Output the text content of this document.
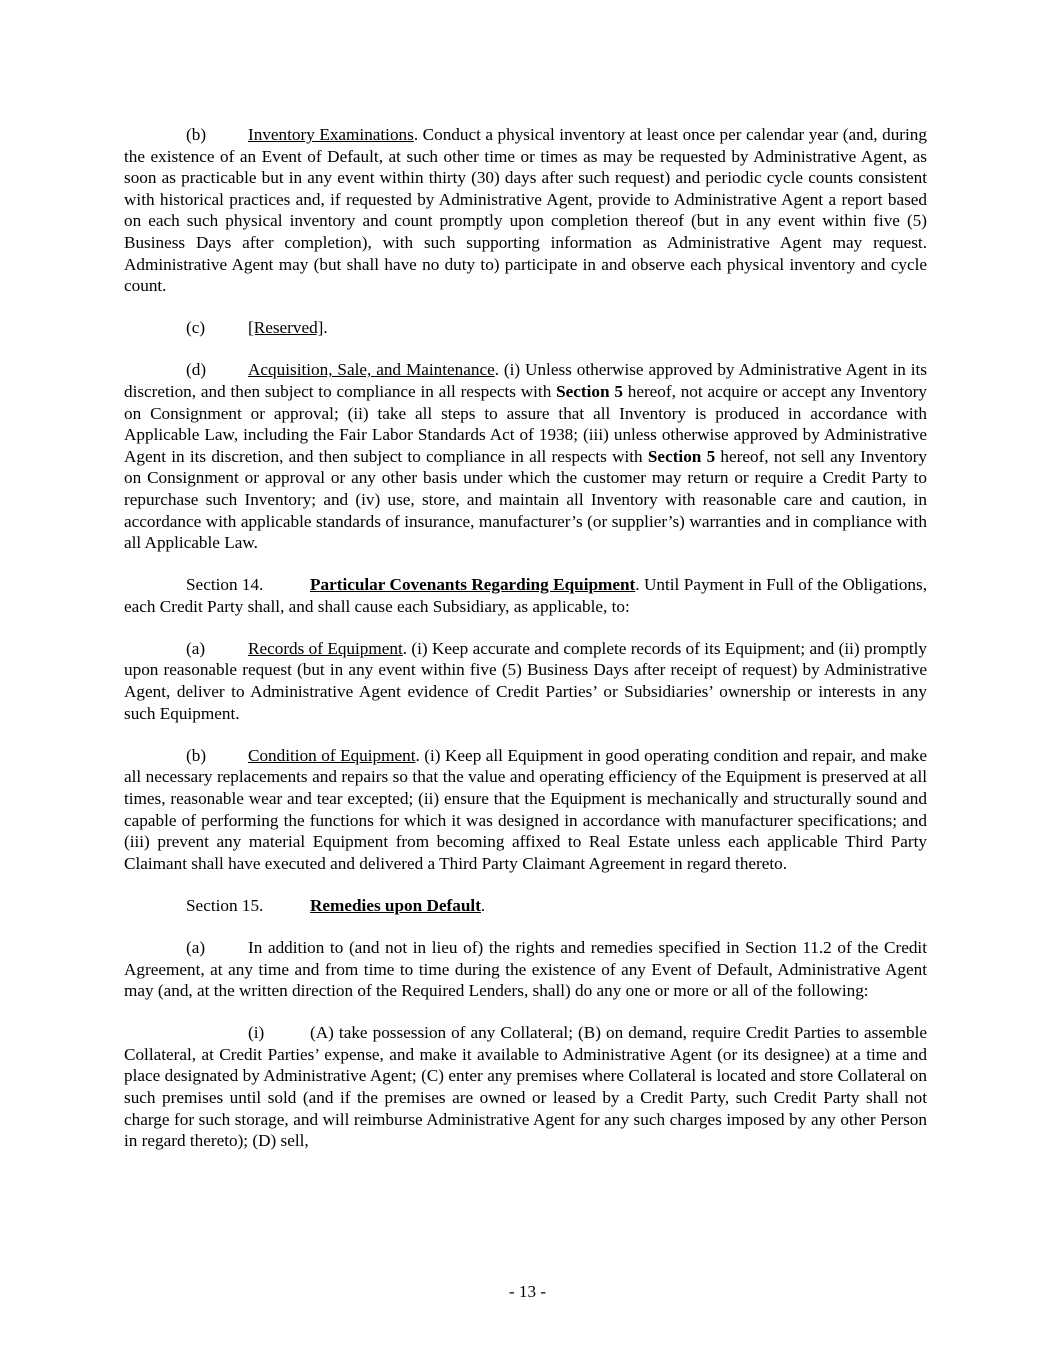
(b) Inventory Examinations. Conduct a physical inventory at least once per calendar year (and, during the existence of an Event of Default, at such other time or times as may be requested by Administrative Agent, as soon as practicable but in any event within thirty (30) days after such request) and periodic cycle counts consistent with historical practices and, if requested by Administrative Agent, provide to Administrative Agent a report based on each such physical inventory and count promptly upon completion thereof (but in any event within five (5) Business Days after completion), with such supporting information as Administrative Agent may request. Administrative Agent may (but shall have no duty to) participate in and observe each physical inventory and cycle count.

(c) [Reserved].

(d) Acquisition, Sale, and Maintenance. (i) Unless otherwise approved by Administrative Agent in its discretion, and then subject to compliance in all respects with Section 5 hereof, not acquire or accept any Inventory on Consignment or approval; (ii) take all steps to assure that all Inventory is produced in accordance with Applicable Law, including the Fair Labor Standards Act of 1938; (iii) unless otherwise approved by Administrative Agent in its discretion, and then subject to compliance in all respects with Section 5 hereof, not sell any Inventory on Consignment or approval or any other basis under which the customer may return or require a Credit Party to repurchase such Inventory; and (iv) use, store, and maintain all Inventory with reasonable care and caution, in accordance with applicable standards of insurance, manufacturer’s (or supplier’s) warranties and in compliance with all Applicable Law.

Section 14.	Particular Covenants Regarding Equipment. Until Payment in Full of the Obligations, each Credit Party shall, and shall cause each Subsidiary, as applicable, to:

(a) Records of Equipment. (i) Keep accurate and complete records of its Equipment; and (ii) promptly upon reasonable request (but in any event within five (5) Business Days after receipt of request) by Administrative Agent, deliver to Administrative Agent evidence of Credit Parties’ or Subsidiaries’ ownership or interests in any such Equipment.

(b) Condition of Equipment. (i) Keep all Equipment in good operating condition and repair, and make all necessary replacements and repairs so that the value and operating efficiency of the Equipment is preserved at all times, reasonable wear and tear excepted; (ii) ensure that the Equipment is mechanically and structurally sound and capable of performing the functions for which it was designed in accordance with manufacturer specifications; and (iii) prevent any material Equipment from becoming affixed to Real Estate unless each applicable Third Party Claimant shall have executed and delivered a Third Party Claimant Agreement in regard thereto.

Section 15.	Remedies upon Default.

(a) In addition to (and not in lieu of) the rights and remedies specified in Section 11.2 of the Credit Agreement, at any time and from time to time during the existence of any Event of Default, Administrative Agent may (and, at the written direction of the Required Lenders, shall) do any one or more or all of the following:

(i)	(A) take possession of any Collateral; (B) on demand, require Credit Parties to assemble Collateral, at Credit Parties’ expense, and make it available to Administrative Agent (or its designee) at a time and place designated by Administrative Agent; (C) enter any premises where Collateral is located and store Collateral on such premises until sold (and if the premises are owned or leased by a Credit Party, such Credit Party shall not charge for such storage, and will reimburse Administrative Agent for any such charges imposed by any other Person in regard thereto); (D) sell,

- 13 -
